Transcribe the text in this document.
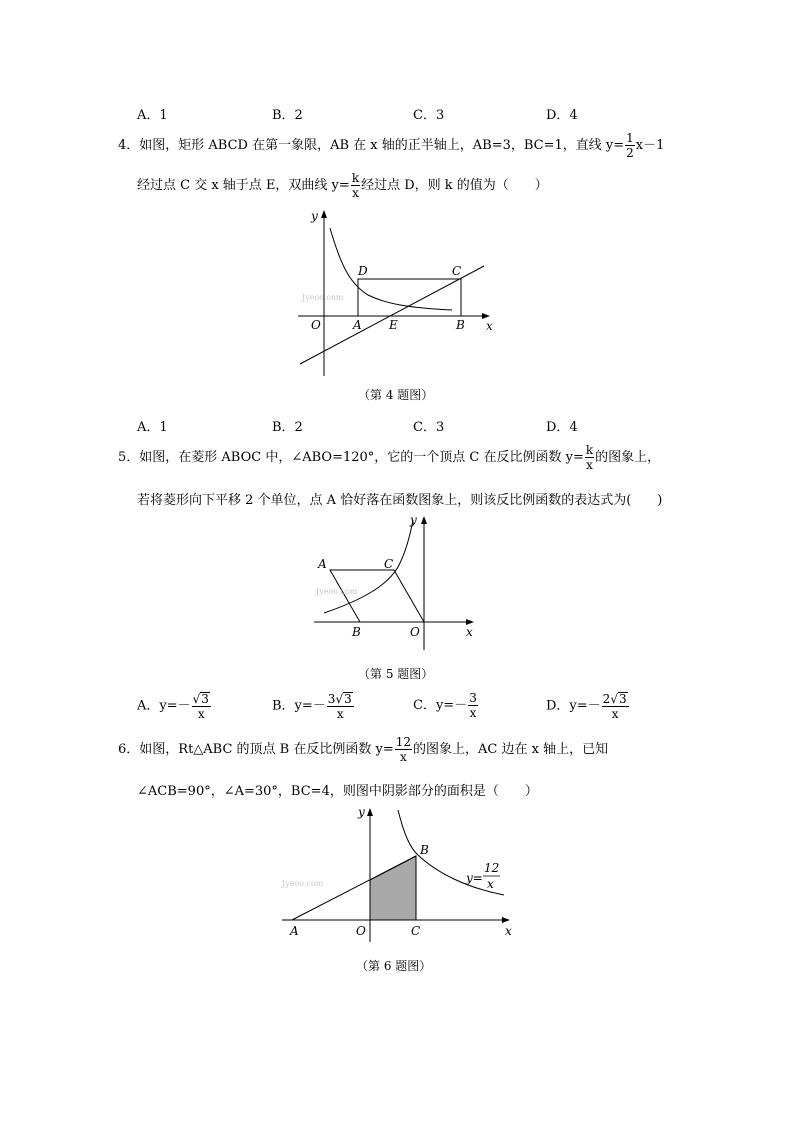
A．1	B．2	C．3	D．4
4．如图，矩形 ABCD 在第一象限，AB 在 x 轴的正半轴上，AB=3，BC=1，直线 $y= \frac{1}{2} x-1$
经过点 C 交 x 轴于点 E，双曲线 $y= \frac{k}{x}$ 经过点 D，则 k 的值为（　　）
Jyeoo.com
y
x
O	A E	B
D	C
（第 4 题图）
A．1	B．2	C．3	D．4
5．如图，在菱形 ABOC 中，∠ABO=120°，它的一个顶点 C 在反比例函数 $y= \frac{k}{x}$ 的图象上，
若将菱形向下平移 2 个单位，点 A 恰好落在函数图象上，则该反比例函数的表达式为(　　)
Jyeoo.com
y
x
A	C
B	O
（第 5 题图）
A．$y=- \frac{√3}{x}$	B．$y=- \frac{3√3}{x}$	C．$y=- \frac{3}{x}$	D．$y=- \frac{2√3}{x}$
6．如图，Rt△ABC 的顶点 B 在反比例函数 $y= \frac{12}{x}$ 的图象上，AC 边在 x 轴上，已知
∠ACB=90°，∠A=30°，BC=4，则图中阴影部分的面积是（　　）
Jyeoo.com
y
x
A	O	C
B
y=
12
x
（第 6 题图）
